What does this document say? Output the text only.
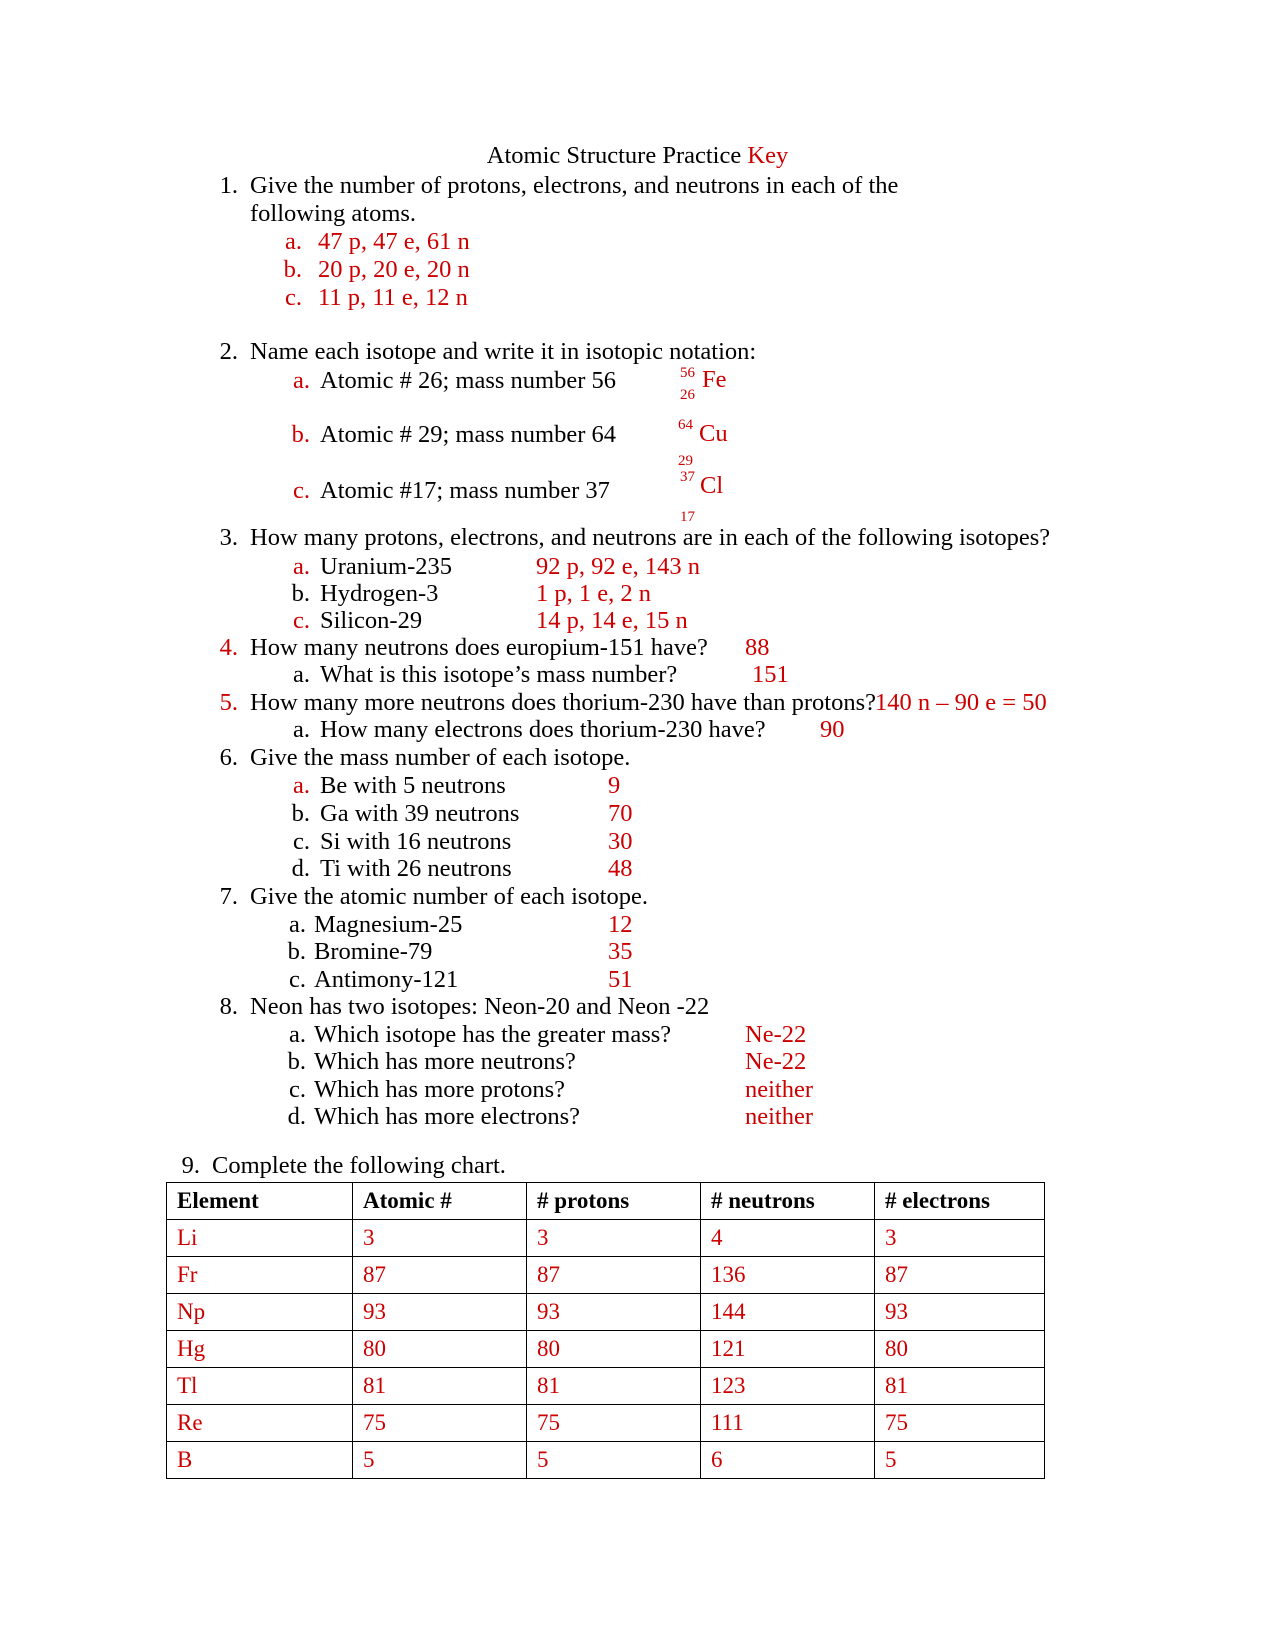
Atomic Structure Practice Key
1. Give the number of protons, electrons, and neutrons in each of the following atoms.
a. 47 p, 47 e, 61 n
b. 20 p, 20 e, 20 n
c. 11 p, 11 e, 12 n
2. Name each isotope and write it in isotopic notation:
a. Atomic # 26; mass number 56	56 Fe
26
b. Atomic # 29; mass number 64	64 Cu
29
c. Atomic #17; mass number 37	37 Cl
17
3. How many protons, electrons, and neutrons are in each of the following isotopes?
a. Uranium-235	92 p, 92 e, 143 n
b. Hydrogen-3	1 p, 1 e, 2 n
c. Silicon-29	14 p, 14 e, 15 n
4. How many neutrons does europium-151 have? 88
a. What is this isotope’s mass number?	151
5. How many more neutrons does thorium-230 have than protons? 140 n – 90 e = 50
a. How many electrons does thorium-230 have? 90
6. Give the mass number of each isotope.
a. Be with 5 neutrons	9
b. Ga with 39 neutrons	70
c. Si with 16 neutrons	30
d. Ti with 26 neutrons	48
7. Give the atomic number of each isotope.
a. Magnesium-25	12
b. Bromine-79	35
c. Antimony-121	51
8. Neon has two isotopes: Neon-20 and Neon -22
a. Which isotope has the greater mass?	Ne-22
b. Which has more neutrons?	Ne-22
c. Which has more protons?	neither
d. Which has more electrons?	neither
9. Complete the following chart.
Element	Atomic #	# protons	# neutrons	# electrons
Li	3	3	4	3
Fr	87	87	136	87
Np	93	93	144	93
Hg	80	80	121	80
Tl	81	81	123	81
Re	75	75	111	75
B	5	5	6	5
